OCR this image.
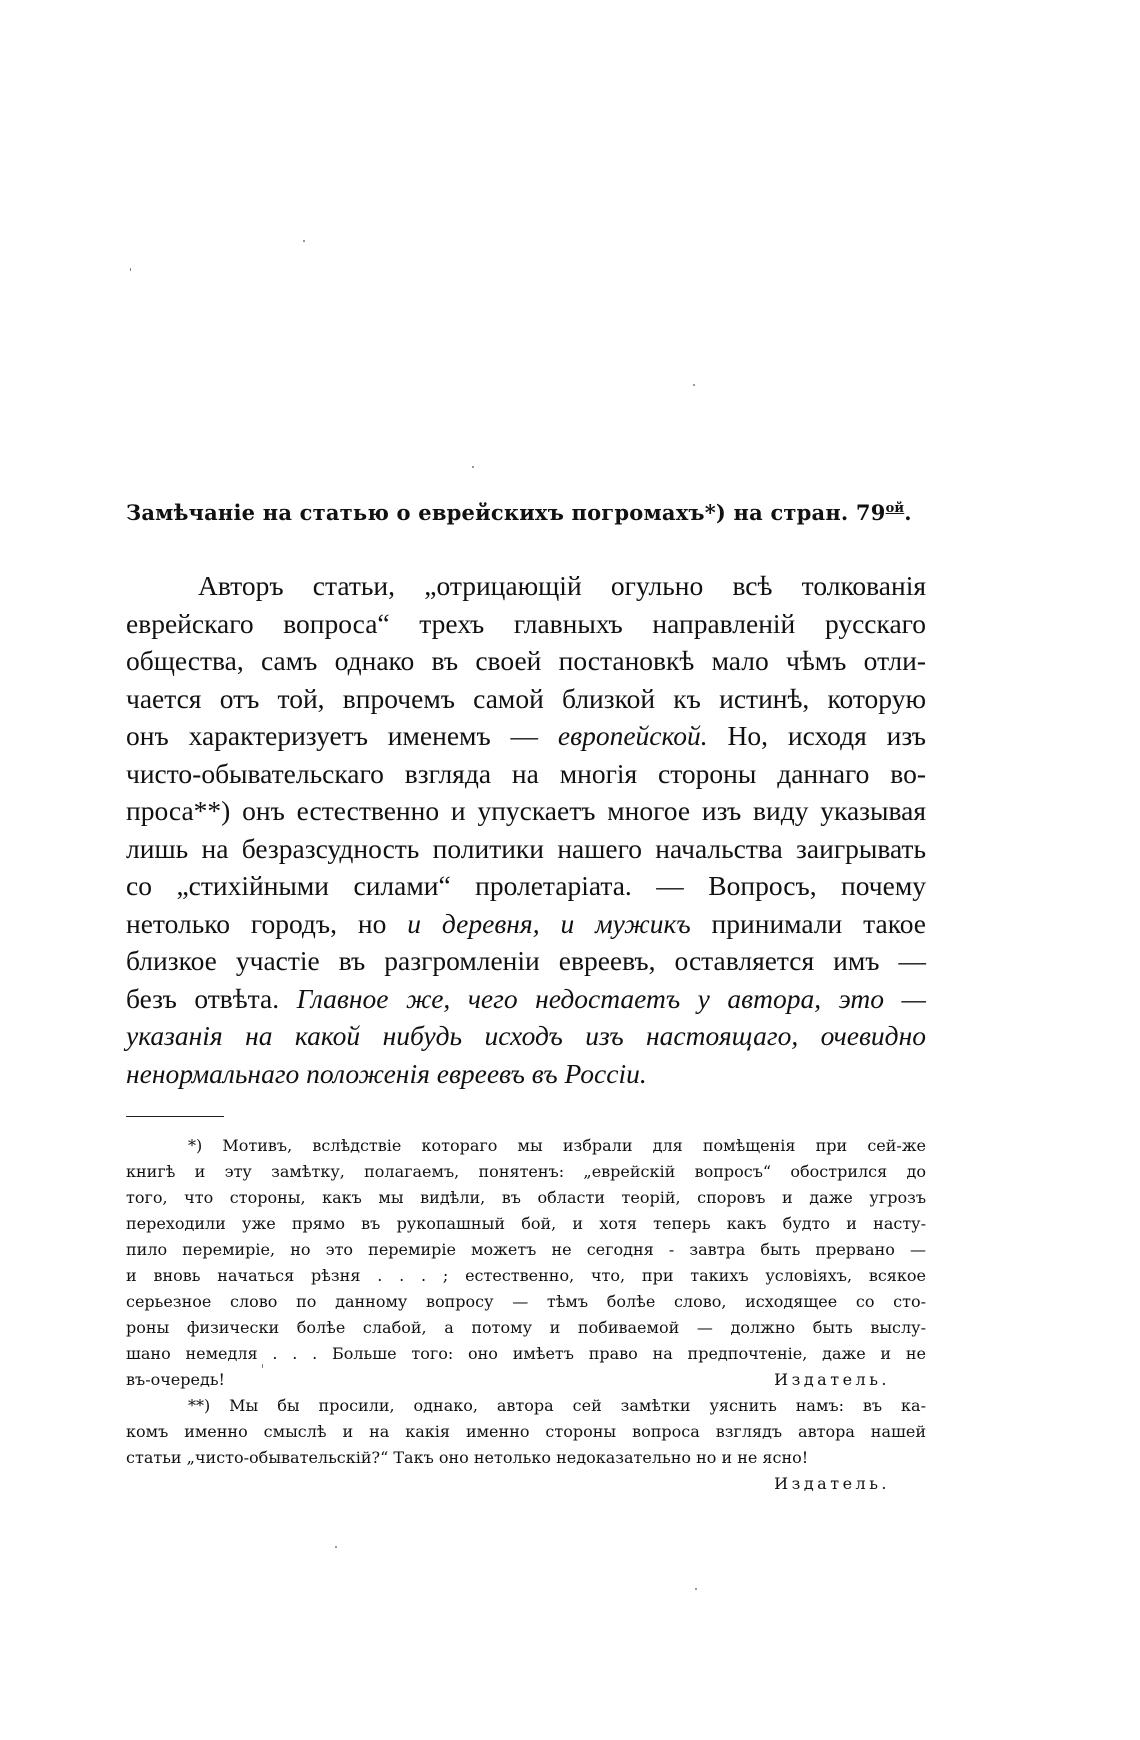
Замѣчаніе на статью о еврейскихъ погромахъ*) на стран. $79^{ой}$.
Авторъ статьи, „отрицающій огульно всѣ толкованія
еврейскаго вопроса“ трехъ главныхъ направленій русскаго
общества, самъ однако въ своей постановкѣ мало чѣмъ отли-
чается отъ той, впрочемъ самой близкой къ истинѣ, которую
онъ характеризуетъ именемъ — европейской. Но, исходя изъ
чисто-обывательскаго взгляда на многія стороны даннаго во-
проса**) онъ естественно и упускаетъ многое изъ виду указывая
лишь на безразсудность политики нашего начальства заигрывать
со „стихійными силами“ пролетаріата. — Вопросъ, почему
нетолько городъ, но и деревня, и мужикъ принимали такое
близкое участіе въ разгромленіи евреевъ, оставляется имъ —
безъ отвѣта. Главное же, чего недостаетъ у автора, это —
указанія на какой нибудь исходъ изъ настоящаго, очевидно
ненормальнаго положенія евреевъ въ Россіи.
*) Мотивъ, вслѣдствіе котораго мы избрали для помѣщенія при сей-же
книгѣ и эту замѣтку, полагаемъ, понятенъ: „еврейскій вопросъ“ обострился до
того, что стороны, какъ мы видѣли, въ области теорій, споровъ и даже угрозъ
переходили уже прямо въ рукопашный бой, и хотя теперь какъ будто и насту-
пило перемиріе, но это перемиріе можетъ не сегодня - завтра быть прервано —
и вновь начаться рѣзня . . . ; естественно, что, при такихъ условіяхъ, всякое
серьезное слово по данному вопросу — тѣмъ болѣе слово, исходящее со сто-
роны физически болѣе слабой, а потому и побиваемой — должно быть выслу-
шано немедля . . . Больше того: оно имѣетъ право на предпочтеніе, даже и не
въ-очередь!	Издатель.
**) Мы бы просили, однако, автора сей замѣтки уяснить намъ: въ ка-
комъ именно смыслѣ и на какія именно стороны вопроса взглядъ автора нашей
статьи „чисто-обывательскій?“ Такъ оно нетолько недоказательно но и не ясно!
Издатель.
